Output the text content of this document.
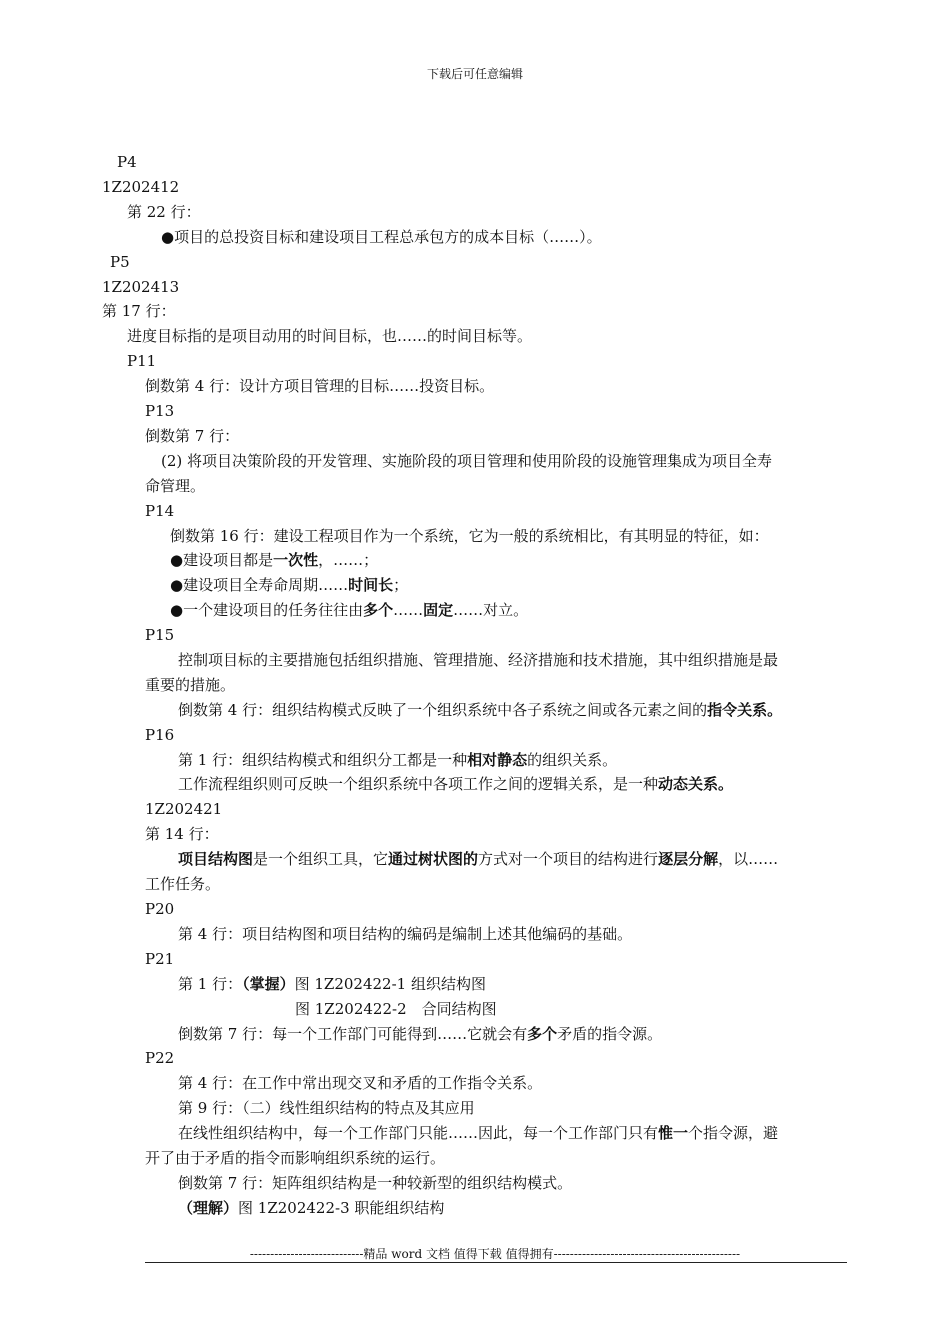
下载后可任意编辑
P4
1Z202412
第 22 行：
●项目的总投资目标和建设项目工程总承包方的成本目标（……）。
P5
1Z202413
第 17 行：
进度目标指的是项目动用的时间目标，也……的时间目标等。
P11
倒数第 4 行：设计方项目管理的目标……投资目标。
P13
倒数第 7 行：
(2) 将项目决策阶段的开发管理、实施阶段的项目管理和使用阶段的设施管理集成为项目全寿
命管理。
P14
倒数第 16 行：建设工程项目作为一个系统，它为一般的系统相比，有其明显的特征，如：
●建设项目都是一次性，……；
●建设项目全寿命周期……时间长；
●一个建设项目的任务往往由多个……固定……对立。
P15
控制项目标的主要措施包括组织措施、管理措施、经济措施和技术措施，其中组织措施是最
重要的措施。
倒数第 4 行：组织结构模式反映了一个组织系统中各子系统之间或各元素之间的指令关系。
P16
第 1 行：组织结构模式和组织分工都是一种相对静态的组织关系。
工作流程组织则可反映一个组织系统中各项工作之间的逻辑关系，是一种动态关系。
1Z202421
第 14 行：
项目结构图是一个组织工具，它通过树状图的方式对一个项目的结构进行逐层分解，以……
工作任务。
P20
第 4 行：项目结构图和项目结构的编码是编制上述其他编码的基础。
P21
第 1 行：（掌握）图 1Z202422-1 组织结构图
图 1Z202422-2　合同结构图
倒数第 7 行：每一个工作部门可能得到……它就会有多个矛盾的指令源。
P22
第 4 行：在工作中常出现交叉和矛盾的工作指令关系。
第 9 行：（二）线性组织结构的特点及其应用
在线性组织结构中，每一个工作部门只能……因此，每一个工作部门只有惟一个指令源，避
开了由于矛盾的指令而影响组织系统的运行。
倒数第 7 行：矩阵组织结构是一种较新型的组织结构模式。
（理解）图 1Z202422-3 职能组织结构
----------------------------精品 word 文档 值得下载 值得拥有----------------------------------------------
